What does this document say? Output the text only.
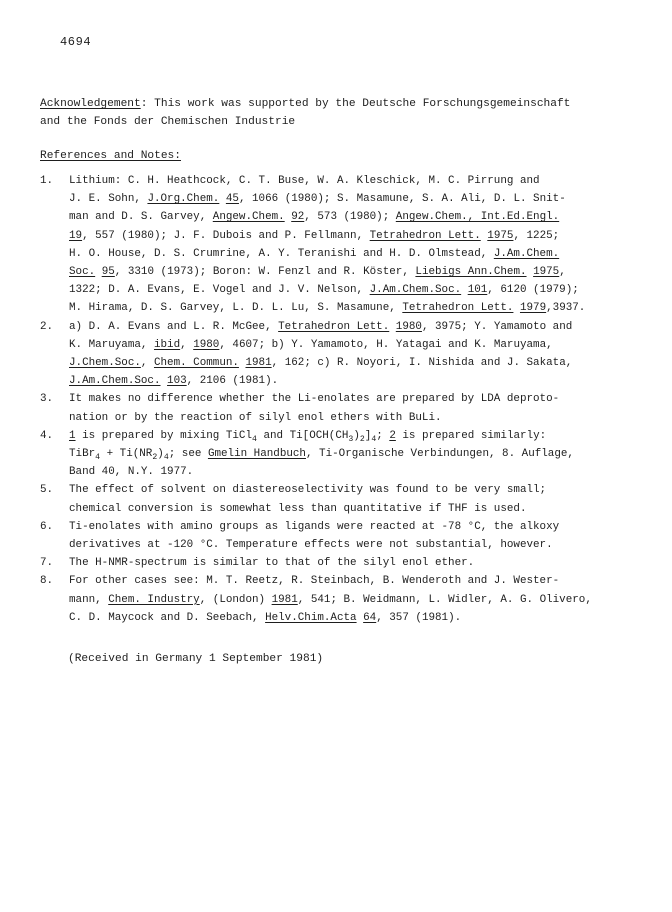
4694
Acknowledgement: This work was supported by the Deutsche Forschungsgemeinschaft
and the Fonds der Chemischen Industrie
References and Notes:
1.	Lithium: C. H. Heathcock, C. T. Buse, W. A. Kleschick, M. C. Pirrung and
J. E. Sohn, J.Org.Chem. 45, 1066 (1980); S. Masamune, S. A. Ali, D. L. Snit-
man and D. S. Garvey, Angew.Chem. 92, 573 (1980); Angew.Chem., Int.Ed.Engl.
19, 557 (1980); J. F. Dubois and P. Fellmann, Tetrahedron Lett. 1975, 1225;
H. O. House, D. S. Crumrine, A. Y. Teranishi and H. D. Olmstead, J.Am.Chem.
Soc. 95, 3310 (1973); Boron: W. Fenzl and R. Köster, Liebigs Ann.Chem. 1975,
1322; D. A. Evans, E. Vogel and J. V. Nelson, J.Am.Chem.Soc. 101, 6120 (1979);
M. Hirama, D. S. Garvey, L. D. L. Lu, S. Masamune, Tetrahedron Lett. 1979,3937.
2.	a) D. A. Evans and L. R. McGee, Tetrahedron Lett. 1980, 3975; Y. Yamamoto and
K. Maruyama, ibid, 1980, 4607; b) Y. Yamamoto, H. Yatagai and K. Maruyama,
J.Chem.Soc., Chem. Commun. 1981, 162; c) R. Noyori, I. Nishida and J. Sakata,
J.Am.Chem.Soc. 103, 2106 (1981).
3.	It makes no difference whether the Li-enolates are prepared by LDA deproto-
nation or by the reaction of silyl enol ethers with BuLi.
4.	1 is prepared by mixing TiCl$_4$ and $Ti[OCH(CH_3)_2]_4$; 2 is prepared similarly:
TiBr$_4$ + $Ti(NR_2)_4$; see Gmelin Handbuch, Ti-Organische Verbindungen, 8. Auflage,
Band 40, N.Y. 1977.
5.	The effect of solvent on diastereoselectivity was found to be very small;
chemical conversion is somewhat less than quantitative if THF is used.
6.	Ti-enolates with amino groups as ligands were reacted at -78 °C, the alkoxy
derivatives at -120 °C. Temperature effects were not substantial, however.
7.	The H-NMR-spectrum is similar to that of the silyl enol ether.
8.	For other cases see: M. T. Reetz, R. Steinbach, B. Wenderoth and J. Wester-
mann, Chem. Industry, (London) 1981, 541; B. Weidmann, L. Widler, A. G. Olivero,
C. D. Maycock and D. Seebach, Helv.Chim.Acta 64, 357 (1981).
(Received in Germany 1 September 1981)
